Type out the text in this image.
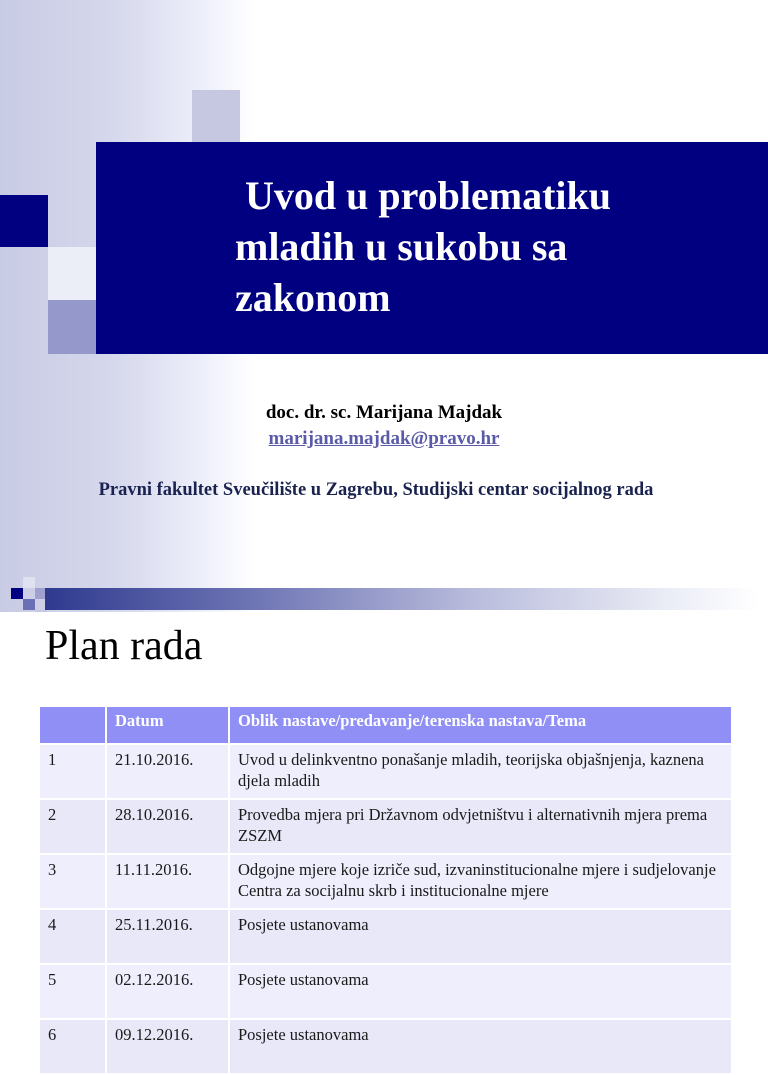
Uvod u problematiku
mladih u sukobu sa
zakonom
doc. dr. sc. Marijana Majdak
marijana.majdak@pravo.hr
Pravni fakultet Sveučilište u Zagrebu, Studijski centar socijalnog rada
Plan rada
	Datum	Oblik nastave/predavanje/terenska nastava/Tema
1	21.10.2016.	Uvod u delinkventno ponašanje mladih, teorijska objašnjenja, kaznena djela mladih
2	28.10.2016.	Provedba mjera pri Državnom odvjetništvu i alternativnih mjera prema ZSZM
3	11.11.2016.	Odgojne mjere koje izriče sud, izvaninstitucionalne mjere i sudjelovanje Centra za socijalnu skrb i institucionalne mjere
4	25.11.2016.	Posjete ustanovama
5	02.12.2016.	Posjete ustanovama
6	09.12.2016.	Posjete ustanovama
